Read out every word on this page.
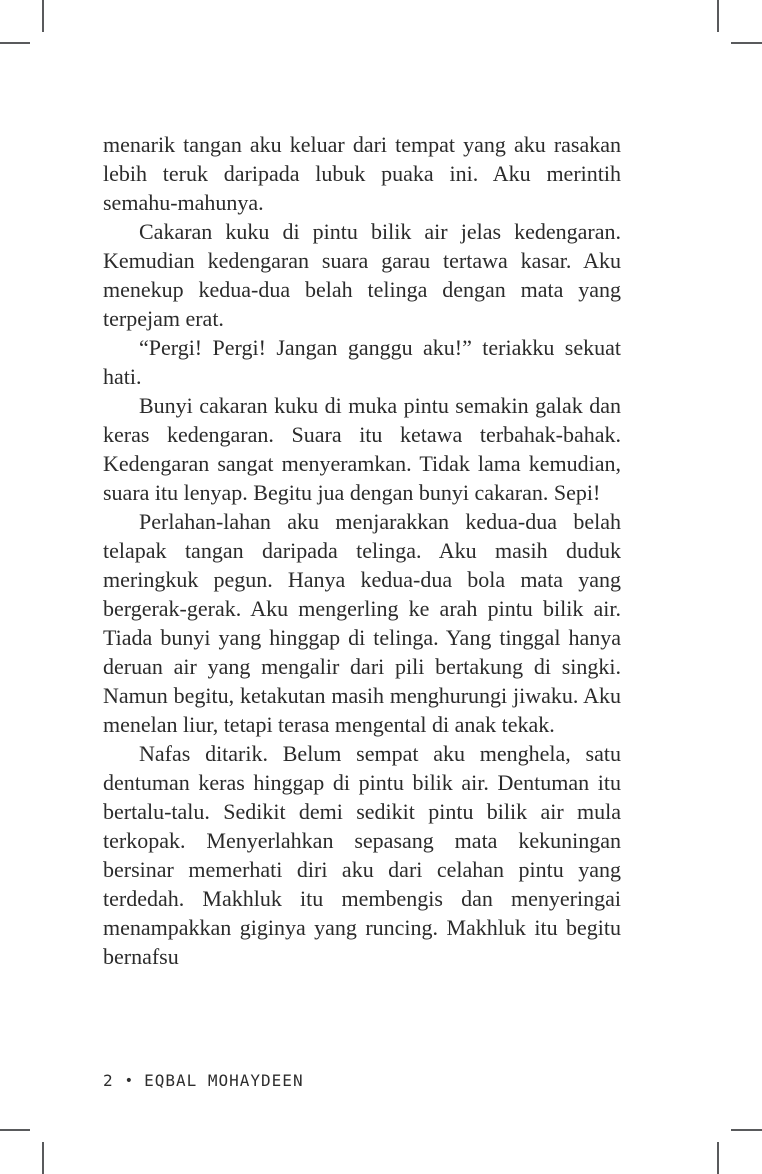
menarik tangan aku keluar dari tempat yang aku rasakan lebih teruk daripada lubuk puaka ini. Aku merintih semahu-mahunya.

Cakaran kuku di pintu bilik air jelas kedengaran. Kemudian kedengaran suara garau tertawa kasar. Aku menekup kedua-dua belah telinga dengan mata yang terpejam erat.

“Pergi! Pergi! Jangan ganggu aku!” teriakku sekuat hati.

Bunyi cakaran kuku di muka pintu semakin galak dan keras kedengaran. Suara itu ketawa terbahak-bahak. Kedengaran sangat menyeramkan. Tidak lama kemudian, suara itu lenyap. Begitu jua dengan bunyi cakaran. Sepi!

Perlahan-lahan aku menjarakkan kedua-dua belah telapak tangan daripada telinga. Aku masih duduk meringkuk pegun. Hanya kedua-dua bola mata yang bergerak-gerak. Aku mengerling ke arah pintu bilik air. Tiada bunyi yang hinggap di telinga. Yang tinggal hanya deruan air yang mengalir dari pili bertakung di singki. Namun begitu, ketakutan masih menghurungi jiwaku. Aku menelan liur, tetapi terasa mengental di anak tekak.

Nafas ditarik. Belum sempat aku menghela, satu dentuman keras hinggap di pintu bilik air. Dentuman itu bertalu-talu. Sedikit demi sedikit pintu bilik air mula terkopak. Menyerlahkan sepasang mata kekuningan bersinar memerhati diri aku dari celahan pintu yang terdedah. Makhluk itu membengis dan menyeringai menampakkan giginya yang runcing. Makhluk itu begitu bernafsu

2 • EQBAL MOHAYDEEN
